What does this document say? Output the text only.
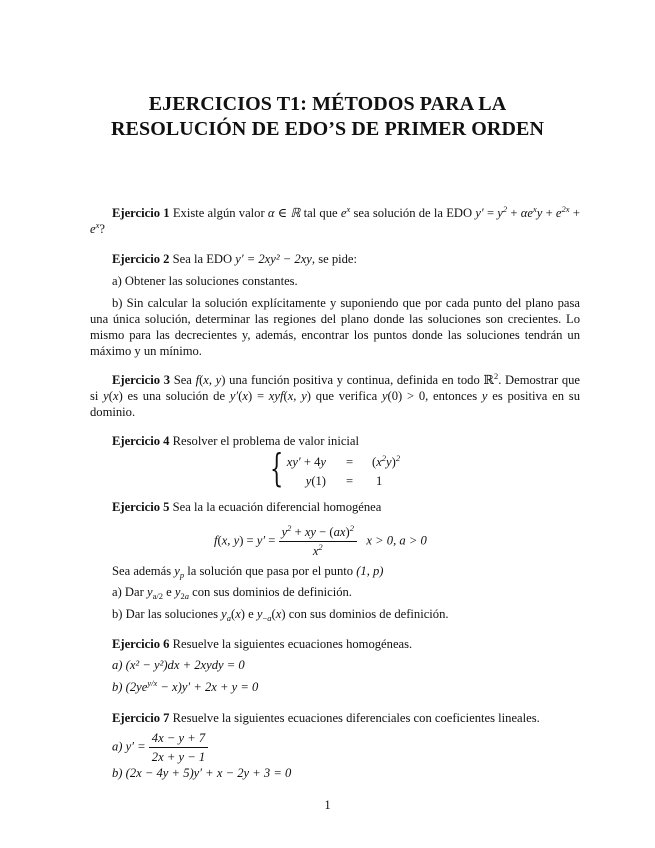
EJERCICIOS T1: MÉTODOS PARA LA
RESOLUCIÓN DE EDO’S DE PRIMER ORDEN
Ejercicio 1 Existe algún valor α ∈ ℝ tal que $e^x$ sea solución de la EDO $y' = y^2 + \alpha e^xy + e^{2x} + e^x$?
Ejercicio 2 Sea la EDO y′ = 2xy² − 2xy, se pide:
a) Obtener las soluciones constantes.
b) Sin calcular la solución explícitamente y suponiendo que por cada punto del plano pasa una única solución, determinar las regiones del plano donde las soluciones son crecientes. Lo mismo para las decrecientes y, además, encontrar los puntos donde las soluciones tendrán un máximo y un mínimo.
Ejercicio 3 Sea f(x, y) una función positiva y continua, definida en todo ℝ$^2$. Demostrar que si y(x) es una solución de y′(x) = xyf(x, y) que verifica y(0) > 0, entonces y es positiva en su dominio.
Ejercicio 4 Resolver el problema de valor inicial
{ $xy' + 4y = (x^2y)^2$
y(1) = 1
Ejercicio 5 Sea la la ecuación diferencial homogénea
f(x, $y) = y' = \frac{y^2 + xy - (ax)^2}{x^2}$ x > 0, a > 0
Sea además $y_p$ la solución que pasa por el punto (1, p)
a) Dar $y_{a/2}$ e $y_{2a}$ con sus dominios de definición.
b) Dar las soluciones $y_a(x)$ e $y_{-a}(x)$ con sus dominios de definición.
Ejercicio 6 Resuelve la siguientes ecuaciones homogéneas.
a) (x² − y²)dx + 2xydy = 0
b) $(2ye^{y/x} - x)y' + 2x + y = 0$
Ejercicio 7 Resuelve la siguientes ecuaciones diferenciales con coeficientes lineales.
a) $y' = \frac{4x - y + 7}{2x + y - 1}$
b) (2x − 4y + 5)y′ + x − 2y + 3 = 0
1
